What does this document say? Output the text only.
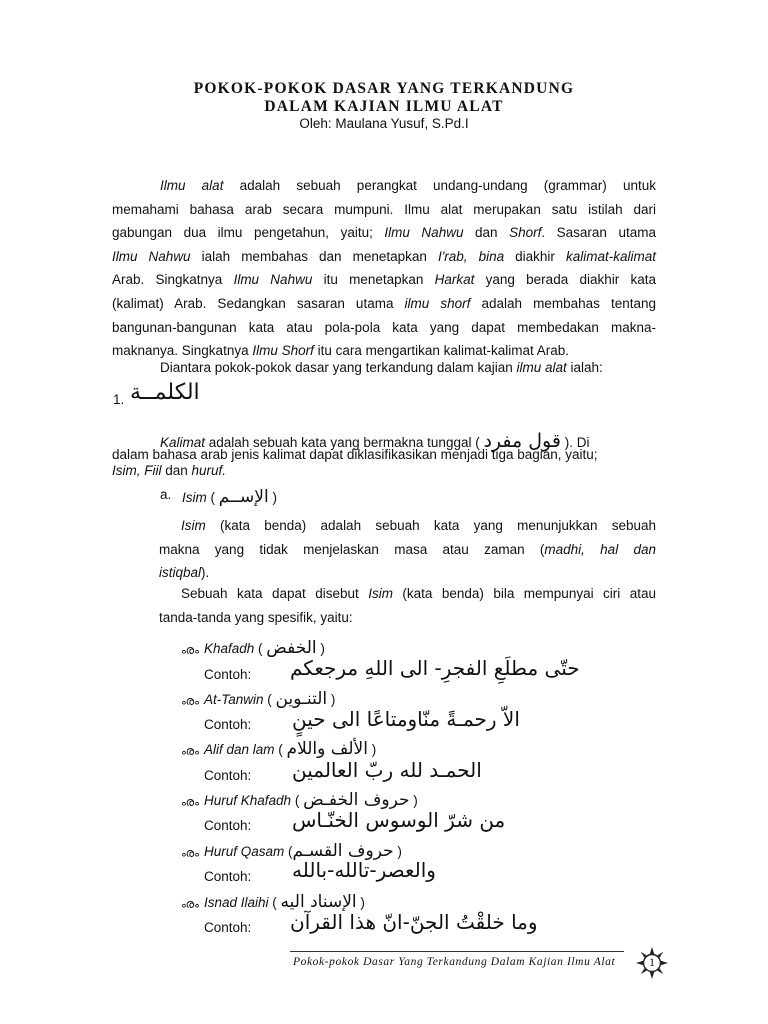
POKOK-POKOK DASAR YANG TERKANDUNG
DALAM KAJIAN ILMU ALAT
Oleh: Maulana Yusuf, S.Pd.I
Ilmu alat adalah sebuah perangkat undang-undang (grammar) untuk
memahami bahasa arab secara mumpuni. Ilmu alat merupakan satu istilah dari
gabungan dua ilmu pengetahun, yaitu; Ilmu Nahwu dan Shorf. Sasaran utama
Ilmu Nahwu ialah membahas dan menetapkan I'rab, bina diakhir kalimat-kalimat
Arab. Singkatnya Ilmu Nahwu itu menetapkan Harkat yang berada diakhir kata
(kalimat) Arab. Sedangkan sasaran utama ilmu shorf adalah membahas tentang
bangunan-bangunan kata atau pola-pola kata yang dapat membedakan makna-
maknanya. Singkatnya Ilmu Shorf itu cara mengartikan kalimat-kalimat Arab.
Diantara pokok-pokok dasar yang terkandung dalam kajian ilmu alat ialah:
1. الكلمــة
Kalimat adalah sebuah kata yang bermakna tunggal ( قول مفرد ). Di
dalam bahasa arab jenis kalimat dapat diklasifikasikan menjadi tiga bagian, yaitu;
Isim, Fiil dan huruf.
a. Isim ( الإســم )
Isim (kata benda) adalah sebuah kata yang menunjukkan sebuah
makna yang tidak menjelaskan masa atau zaman (madhi, hal dan
istiqbal).
Sebuah kata dapat disebut Isim (kata benda) bila mempunyai ciri atau
tanda-tanda yang spesifik, yaitu:
ൟ Khafadh ( الخفض )
Contoh: حتّى مطلَعِ الفجرِ- الى اللهِ مرجعكم
ൟ At-Tanwin ( التنـوين )
Contoh: الاّ رحمـةً منّاومتاعًا الى حينٍ
ൟ Alif dan lam ( الألف واللام )
Contoh: الحمـد لله ربّ العالمين
ൟ Huruf Khafadh ( حروف الخفـض )
Contoh: من شرّ الوسوس الخنّـاس
ൟ Huruf Qasam (حروف القسـم )
Contoh: والعصر-تالله-بالله
ൟ Isnad Ilaihi ( الإسناد اليه )
Contoh: وما خلقْتُ الجنّ-انّ هذا القرآن
Pokok-pokok Dasar Yang Terkandung Dalam Kajian Ilmu Alat	1
